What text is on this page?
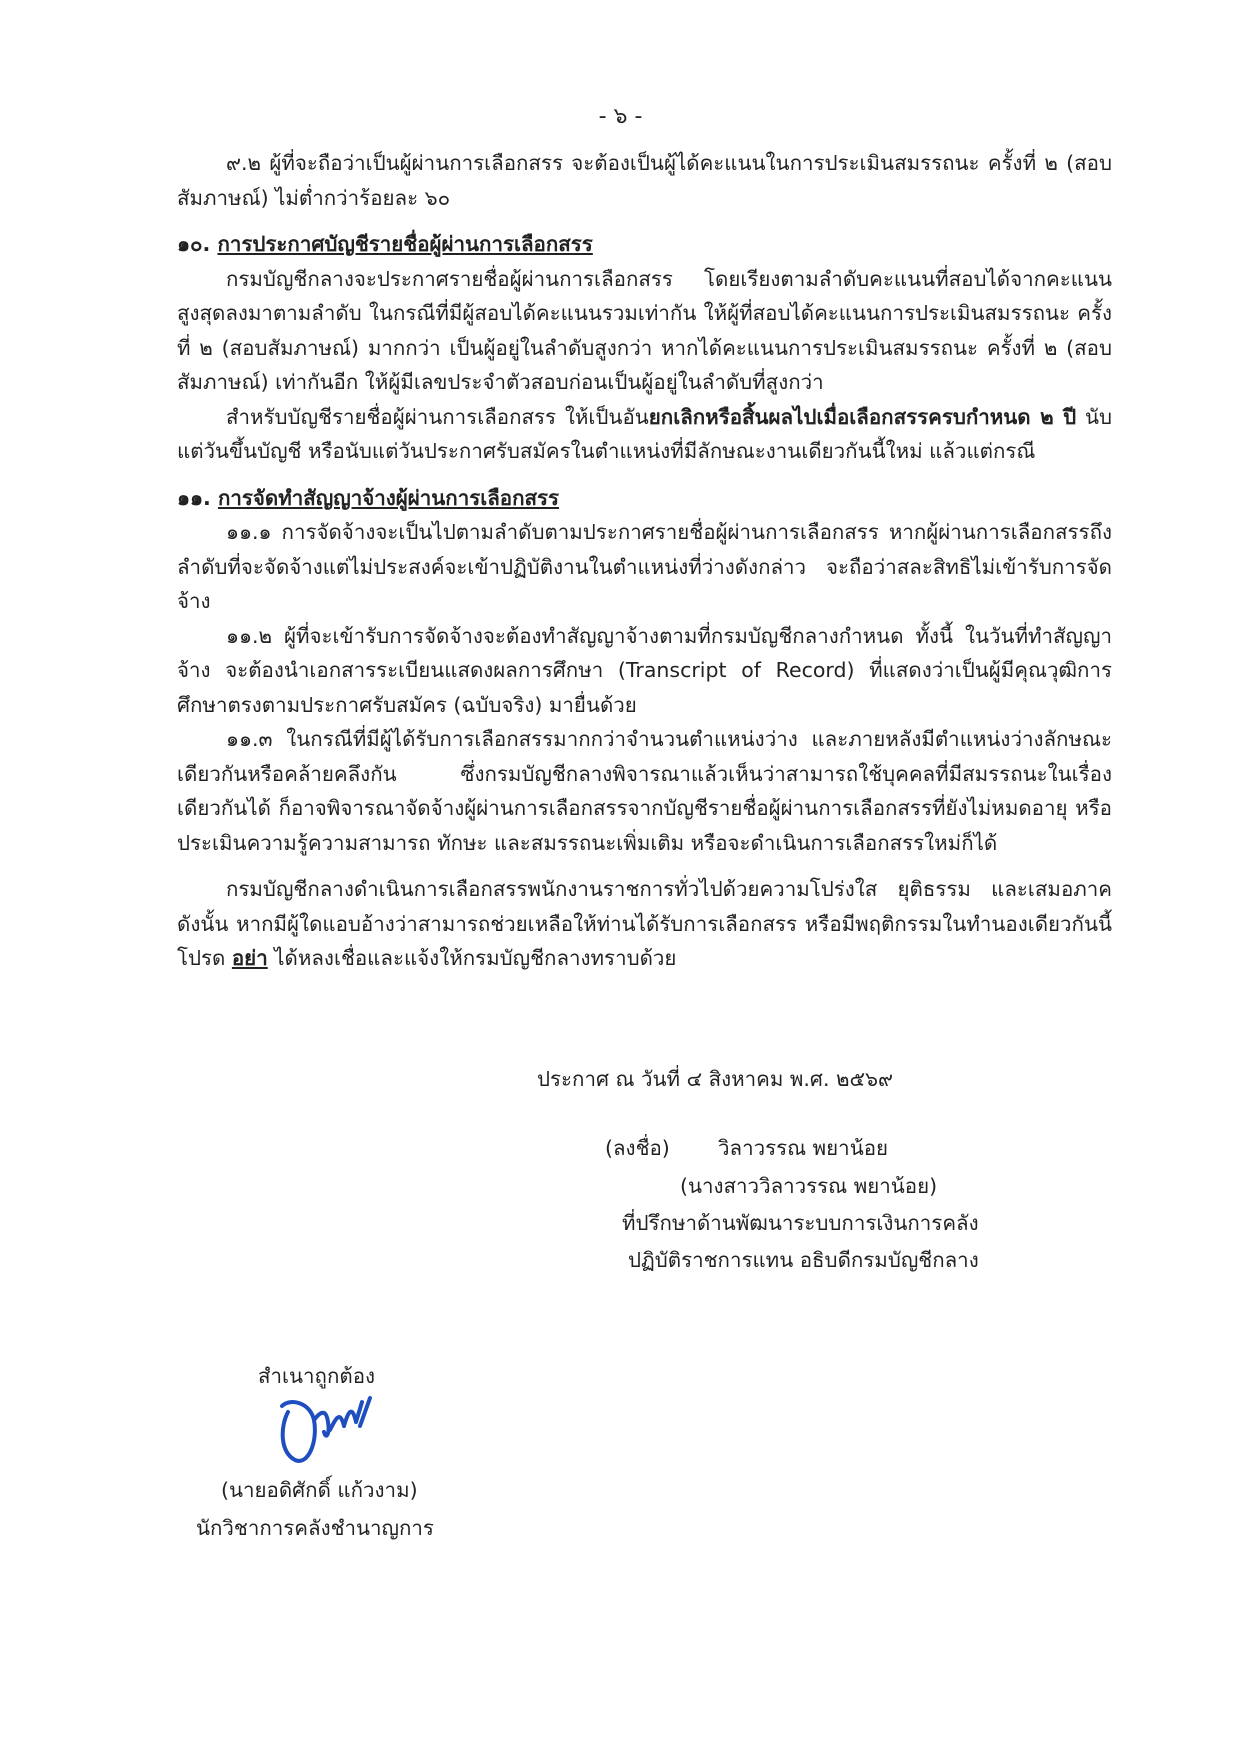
- ๖ -

๙.๒ ผู้ที่จะถือว่าเป็นผู้ผ่านการเลือกสรร จะต้องเป็นผู้ได้คะแนนในการประเมินสมรรถนะ ครั้งที่ ๒ (สอบสัมภาษณ์) ไม่ต่ำกว่าร้อยละ ๖๐

๑๐. การประกาศบัญชีรายชื่อผู้ผ่านการเลือกสรร

กรมบัญชีกลางจะประกาศรายชื่อผู้ผ่านการเลือกสรร โดยเรียงตามลำดับคะแนนที่สอบได้จากคะแนนสูงสุดลงมาตามลำดับ ในกรณีที่มีผู้สอบได้คะแนนรวมเท่ากัน ให้ผู้ที่สอบได้คะแนนการประเมินสมรรถนะ ครั้งที่ ๒ (สอบสัมภาษณ์) มากกว่า เป็นผู้อยู่ในลำดับสูงกว่า หากได้คะแนนการประเมินสมรรถนะ ครั้งที่ ๒ (สอบสัมภาษณ์) เท่ากันอีก ให้ผู้มีเลขประจำตัวสอบก่อนเป็นผู้อยู่ในลำดับที่สูงกว่า

สำหรับบัญชีรายชื่อผู้ผ่านการเลือกสรร ให้เป็นอันยกเลิกหรือสิ้นผลไปเมื่อเลือกสรรครบกำหนด ๒ ปี นับแต่วันขึ้นบัญชี หรือนับแต่วันประกาศรับสมัครในตำแหน่งที่มีลักษณะงานเดียวกันนี้ใหม่ แล้วแต่กรณี

๑๑. การจัดทำสัญญาจ้างผู้ผ่านการเลือกสรร

๑๑.๑ การจัดจ้างจะเป็นไปตามลำดับตามประกาศรายชื่อผู้ผ่านการเลือกสรร หากผู้ผ่านการเลือกสรรถึงลำดับที่จะจัดจ้างแต่ไม่ประสงค์จะเข้าปฏิบัติงานในตำแหน่งที่ว่างดังกล่าว จะถือว่าสละสิทธิไม่เข้ารับการจัดจ้าง

๑๑.๒ ผู้ที่จะเข้ารับการจัดจ้างจะต้องทำสัญญาจ้างตามที่กรมบัญชีกลางกำหนด ทั้งนี้ ในวันที่ทำสัญญาจ้าง จะต้องนำเอกสารระเบียนแสดงผลการศึกษา (Transcript of Record) ที่แสดงว่าเป็นผู้มีคุณวุฒิการศึกษาตรงตามประกาศรับสมัคร (ฉบับจริง) มายื่นด้วย

๑๑.๓ ในกรณีที่มีผู้ได้รับการเลือกสรรมากกว่าจำนวนตำแหน่งว่าง และภายหลังมีตำแหน่งว่างลักษณะเดียวกันหรือคล้ายคลึงกัน ซึ่งกรมบัญชีกลางพิจารณาแล้วเห็นว่าสามารถใช้บุคคลที่มีสมรรถนะในเรื่องเดียวกันได้ ก็อาจพิจารณาจัดจ้างผู้ผ่านการเลือกสรรจากบัญชีรายชื่อผู้ผ่านการเลือกสรรที่ยังไม่หมดอายุ หรือประเมินความรู้ความสามารถ ทักษะ และสมรรถนะเพิ่มเติม หรือจะดำเนินการเลือกสรรใหม่ก็ได้

กรมบัญชีกลางดำเนินการเลือกสรรพนักงานราชการทั่วไปด้วยความโปร่งใส ยุติธรรม และเสมอภาค ดังนั้น หากมีผู้ใดแอบอ้างว่าสามารถช่วยเหลือให้ท่านได้รับการเลือกสรร หรือมีพฤติกรรมในทำนองเดียวกันนี้ โปรด อย่า ได้หลงเชื่อและแจ้งให้กรมบัญชีกลางทราบด้วย

ประกาศ ณ วันที่ ๔ สิงหาคม พ.ศ. ๒๕๖๙
(ลงชื่อ) วิลาวรรณ พยาน้อย
(นางสาววิลาวรรณ พยาน้อย)
ที่ปรึกษาด้านพัฒนาระบบการเงินการคลัง
ปฏิบัติราชการแทน อธิบดีกรมบัญชีกลาง
สำเนาถูกต้อง
(นายอดิศักดิ์ แก้วงาม)
นักวิชาการคลังชำนาญการ
